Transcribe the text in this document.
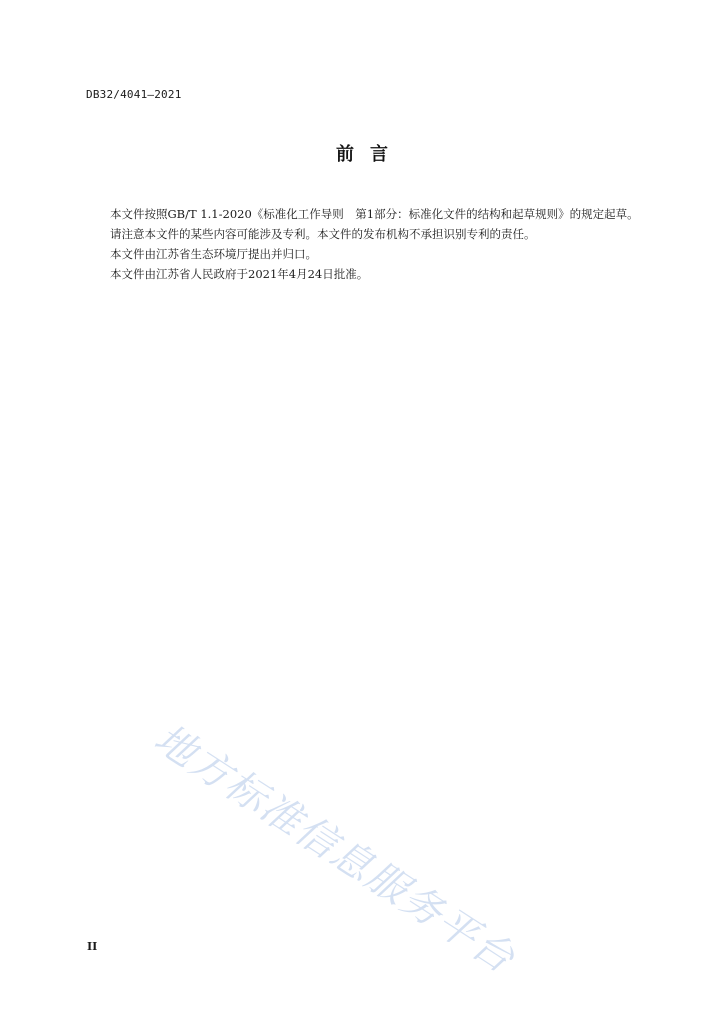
DB32/4041—2021
前言

本文件按照GB/T 1.1-2020《标准化工作导则　第1部分：标准化文件的结构和起草规则》的规定起草。

请注意本文件的某些内容可能涉及专利。本文件的发布机构不承担识别专利的责任。

本文件由江苏省生态环境厅提出并归口。

本文件由江苏省人民政府于2021年4月24日批准。

地方标准信息服务平台
II
